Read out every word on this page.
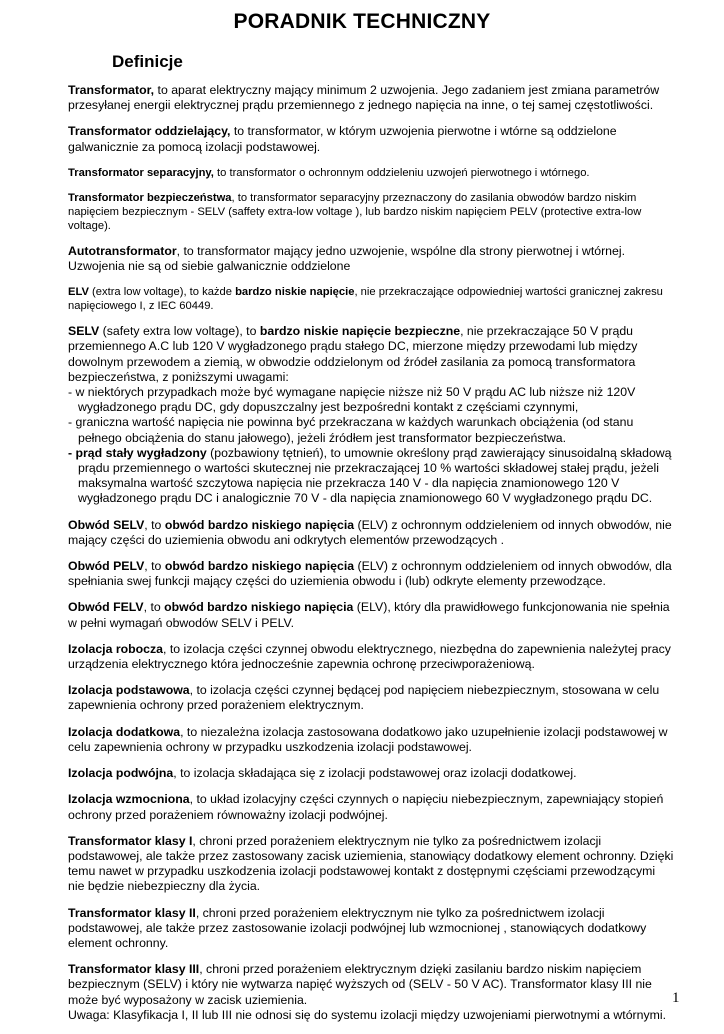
PORADNIK TECHNICZNY
Definicje

Transformator, to aparat elektryczny mający minimum 2 uzwojenia. Jego zadaniem jest zmiana parametrów przesyłanej energii elektrycznej prądu przemiennego z jednego napięcia na inne, o tej samej częstotliwości.

Transformator oddzielający, to transformator, w którym uzwojenia pierwotne i wtórne są oddzielone galwanicznie za pomocą izolacji podstawowej.

Transformator separacyjny, to transformator o ochronnym oddzieleniu uzwojeń pierwotnego i wtórnego.

Transformator bezpieczeństwa, to transformator separacyjny przeznaczony do zasilania obwodów bardzo niskim napięciem bezpiecznym - SELV (saffety extra-low voltage ), lub bardzo niskim napięciem PELV (protective extra-low voltage).

Autotransformator, to transformator mający jedno uzwojenie, wspólne dla strony pierwotnej i wtórnej. Uzwojenia nie są od siebie galwanicznie oddzielone

ELV (extra low voltage), to każde bardzo niskie napięcie, nie przekraczające odpowiedniej wartości granicznej zakresu napięciowego I, z IEC 60449.

SELV (safety extra low voltage), to bardzo niskie napięcie bezpieczne, nie przekraczające 50 V prądu przemiennego A.C lub 120 V wygładzonego prądu stałego DC, mierzone między przewodami lub między dowolnym przewodem a ziemią, w obwodzie oddzielonym od źródeł zasilania za pomocą transformatora bezpieczeństwa, z poniższymi uwagami:

- w niektórych przypadkach może być wymagane napięcie niższe niż 50 V prądu AC lub niższe niż 120V wygładzonego prądu DC, gdy dopuszczalny jest bezpośredni kontakt z częściami czynnymi,
- graniczna wartość napięcia nie powinna być przekraczana w każdych warunkach obciążenia (od stanu pełnego obciążenia do stanu jałowego), jeżeli źródłem jest transformator bezpieczeństwa.
- prąd stały wygładzony (pozbawiony tętnień), to umownie określony prąd zawierający sinusoidalną składową prądu przemiennego o wartości skutecznej nie przekraczającej 10 % wartości składowej stałej prądu, jeżeli maksymalna wartość szczytowa napięcia nie przekracza 140 V - dla napięcia znamionowego 120 V wygładzonego prądu DC i analogicznie 70 V - dla napięcia znamionowego 60 V wygładzonego prądu DC.

Obwód SELV, to obwód bardzo niskiego napięcia (ELV) z ochronnym oddzieleniem od innych obwodów, nie mający części do uziemienia obwodu ani odkrytych elementów przewodzących .

Obwód PELV, to obwód bardzo niskiego napięcia (ELV) z ochronnym oddzieleniem od innych obwodów, dla spełniania swej funkcji mający części do uziemienia obwodu i (lub) odkryte elementy przewodzące.

Obwód FELV, to obwód bardzo niskiego napięcia (ELV), który dla prawidłowego funkcjonowania nie spełnia w pełni wymagań obwodów SELV i PELV.

Izolacja robocza, to izolacja części czynnej obwodu elektrycznego, niezbędna do zapewnienia należytej pracy urządzenia elektrycznego która jednocześnie zapewnia ochronę przeciwporażeniową.

Izolacja podstawowa, to izolacja części czynnej będącej pod napięciem niebezpiecznym, stosowana w celu zapewnienia ochrony przed porażeniem elektrycznym.

Izolacja dodatkowa, to niezależna izolacja zastosowana dodatkowo jako uzupełnienie izolacji podstawowej w celu zapewnienia ochrony w przypadku uszkodzenia izolacji podstawowej.

Izolacja podwójna, to izolacja składająca się z izolacji podstawowej oraz izolacji dodatkowej.

Izolacja wzmocniona, to układ izolacyjny części czynnych o napięciu niebezpiecznym, zapewniający stopień ochrony przed porażeniem równoważny izolacji podwójnej.

Transformator klasy I, chroni przed porażeniem elektrycznym nie tylko za pośrednictwem izolacji podstawowej, ale także przez zastosowany zacisk uziemienia, stanowiący dodatkowy element ochronny. Dzięki temu nawet w przypadku uszkodzenia izolacji podstawowej kontakt z dostępnymi częściami przewodzącymi nie będzie niebezpieczny dla życia.

Transformator klasy II, chroni przed porażeniem elektrycznym nie tylko za pośrednictwem izolacji podstawowej, ale także przez zastosowanie izolacji podwójnej lub wzmocnionej , stanowiących dodatkowy element ochronny.

Transformator klasy III, chroni przed porażeniem elektrycznym dzięki zasilaniu bardzo niskim napięciem bezpiecznym (SELV) i który nie wytwarza napięć wyższych od (SELV - 50 V AC). Transformator klasy III nie może być wyposażony w zacisk uziemienia.

Uwaga: Klasyfikacja I, II lub III nie odnosi się do systemu izolacji między uzwojeniami pierwotnymi a wtórnymi.

1
